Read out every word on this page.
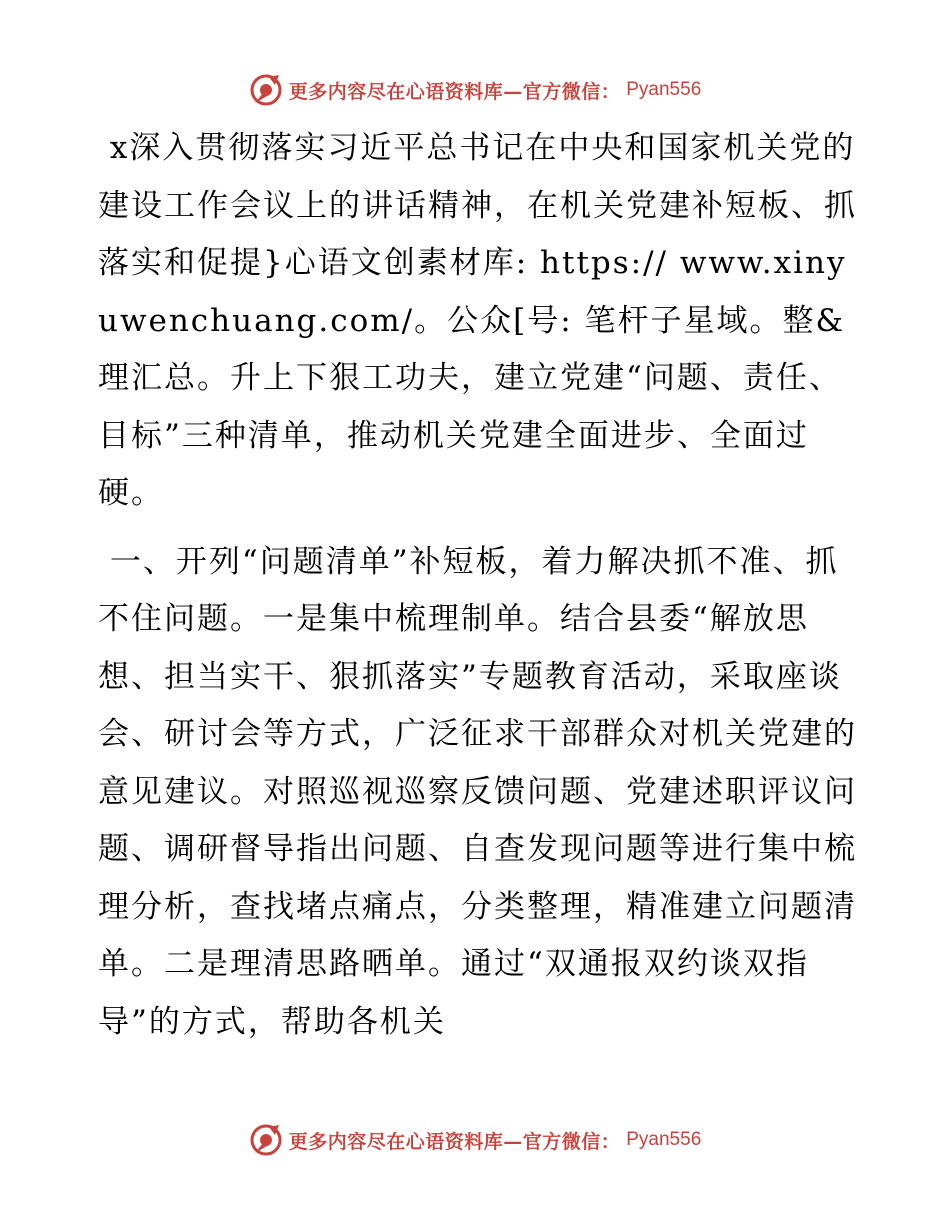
更多内容尽在心语资料库—官方微信： Pyan556

x深入贯彻落实习近平总书记在中央和国家机关党的建设工作会议上的讲话精神，在机关党建补短板、抓落实和促提}心语文创素材库: https:// www.xinyuwenchuang.com/。公众[号: 笔杆子星域。整&理汇总。升上下狠工功夫，建立党建“问题、责任、目标”三种清单，推动机关党建全面进步、全面过硬。

一、开列“问题清单”补短板，着力解决抓不准、抓不住问题。一是集中梳理制单。结合县委“解放思想、担当实干、狠抓落实”专题教育活动，采取座谈会、研讨会等方式，广泛征求干部群众对机关党建的意见建议。对照巡视巡察反馈问题、党建述职评议问题、调研督导指出问题、自查发现问题等进行集中梳理分析，查找堵点痛点，分类整理，精准建立问题清单。二是理清思路晒单。通过“双通报双约谈双指导”的方式，帮助各机关

更多内容尽在心语资料库—官方微信： Pyan556
